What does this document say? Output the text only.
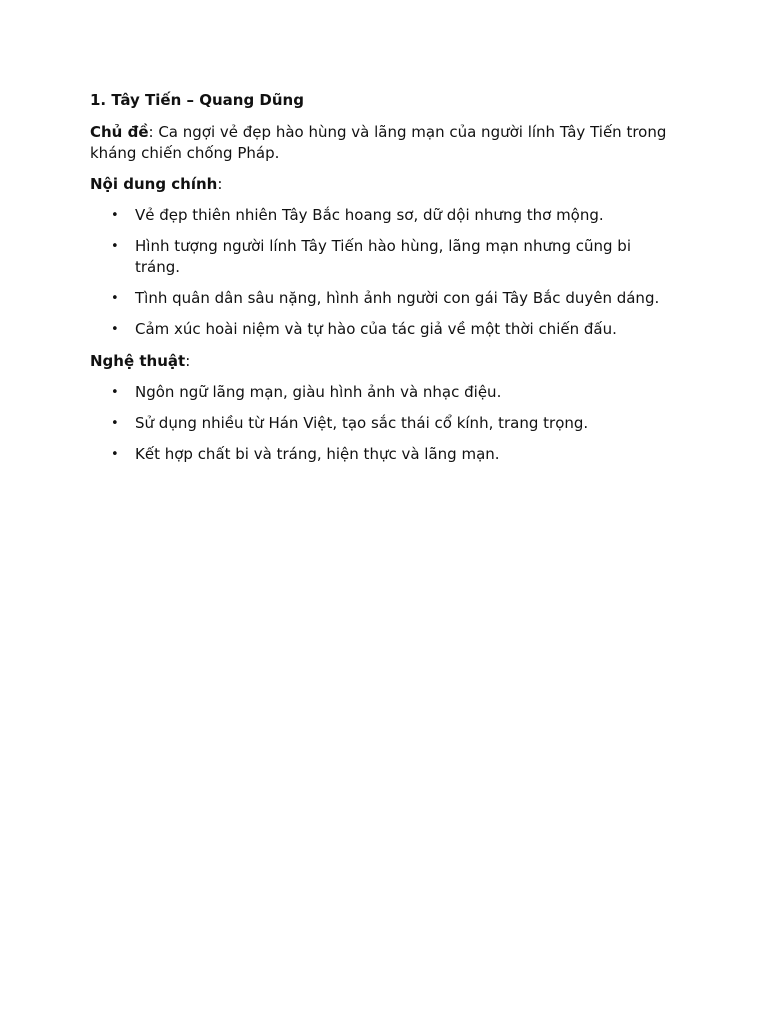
1. Tây Tiến – Quang Dũng

Chủ đề: Ca ngợi vẻ đẹp hào hùng và lãng mạn của người lính Tây Tiến trong kháng chiến chống Pháp.

Nội dung chính:

• Vẻ đẹp thiên nhiên Tây Bắc hoang sơ, dữ dội nhưng thơ mộng.
• Hình tượng người lính Tây Tiến hào hùng, lãng mạn nhưng cũng bi tráng.
• Tình quân dân sâu nặng, hình ảnh người con gái Tây Bắc duyên dáng.
• Cảm xúc hoài niệm và tự hào của tác giả về một thời chiến đấu.

Nghệ thuật:

• Ngôn ngữ lãng mạn, giàu hình ảnh và nhạc điệu.
• Sử dụng nhiều từ Hán Việt, tạo sắc thái cổ kính, trang trọng.
• Kết hợp chất bi và tráng, hiện thực và lãng mạn.
